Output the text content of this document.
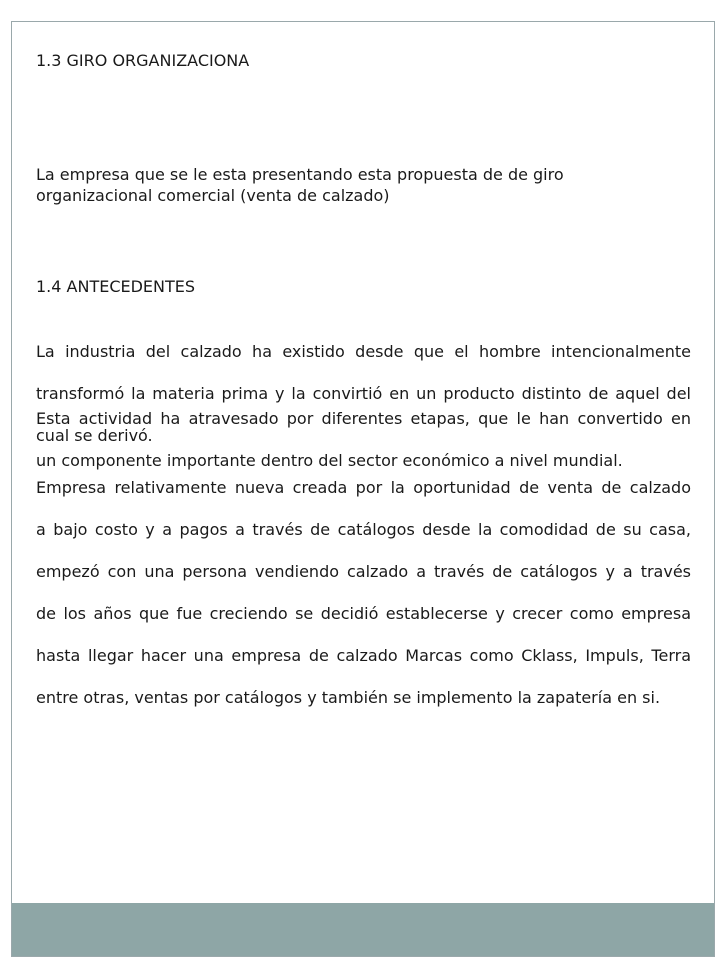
1.3 GIRO ORGANIZACIONA

La empresa que se le esta presentando esta propuesta de de giro
organizacional comercial (venta de calzado)

1.4 ANTECEDENTES

La industria del calzado ha existido desde que el hombre intencionalmente

transformó la materia prima y la convirtió en un producto distinto de aquel del

cual se derivó.

Esta actividad ha atravesado por diferentes etapas, que le han convertido en

un componente importante dentro del sector económico a nivel mundial.

Empresa relativamente nueva creada por la oportunidad de venta de calzado

a bajo costo y a pagos a través de catálogos desde la comodidad de su casa,

empezó con una persona vendiendo calzado a través de catálogos y a través

de los años que fue creciendo se decidió establecerse y crecer como empresa

hasta llegar hacer una empresa de calzado Marcas como Cklass, Impuls, Terra

entre otras, ventas por catálogos y también se implemento la zapatería en si.
